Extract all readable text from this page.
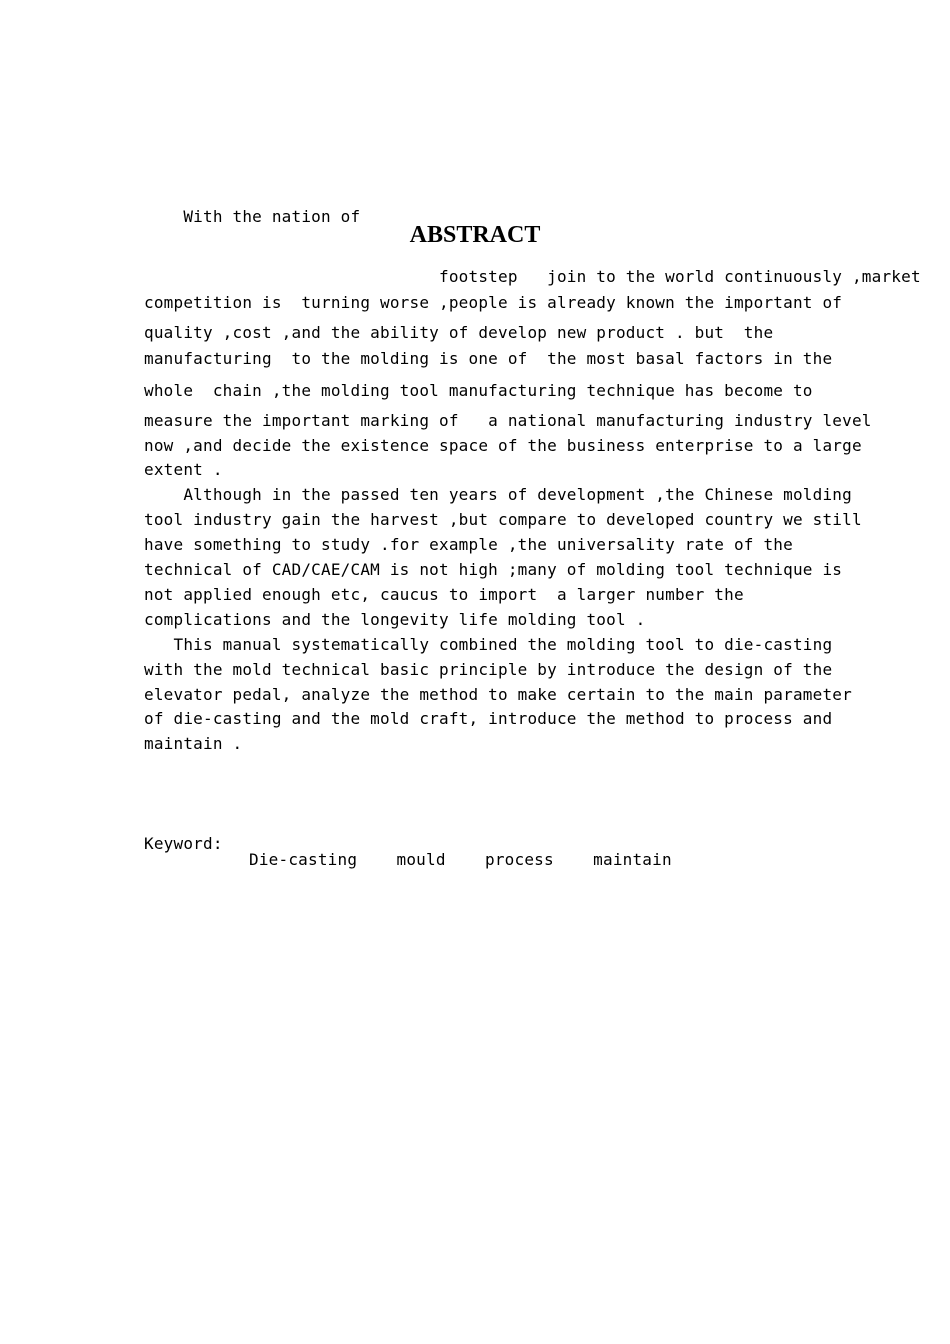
ABSTRACT
With the nation of
footstep   join to the world continuously ,market
competition is  turning worse ,people is already known the important of
quality ,cost ,and the ability of develop new product . but  the
manufacturing  to the molding is one of  the most basal factors in the
whole  chain ,the molding tool manufacturing technique has become to
measure the important marking of   a national manufacturing industry level
now ,and decide the existence space of the business enterprise to a large
extent .
Although in the passed ten years of development ,the Chinese molding
tool industry gain the harvest ,but compare to developed country we still
have something to study .for example ,the universality rate of the
technical of CAD/CAE/CAM is not high ;many of molding tool technique is
not applied enough etc, caucus to import  a larger number the
complications and the longevity life molding tool .
This manual systematically combined the molding tool to die-casting
with the mold technical basic principle by introduce the design of the
elevator pedal, analyze the method to make certain to the main parameter
of die-casting and the mold craft, introduce the method to process and
maintain .
Keyword:
Die-casting    mould    process    maintain
